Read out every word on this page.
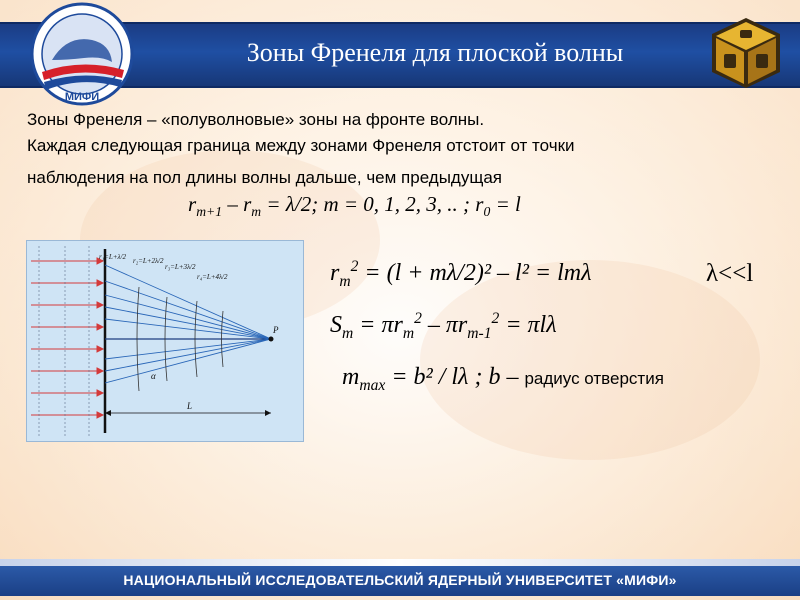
Зоны Френеля для плоской волны
МИФИ
Зоны Френеля – «полуволновые» зоны на фронте волны.
Каждая следующая граница между зонами Френеля отстоит от точки
наблюдения на пол длины волны дальше, чем предыдущая
$r_{m+1} - r_m = \lambda/2$; m = 0, 1, 2, 3, .. ; $r_0 = l$
P
L
α
r₁=L+λ/2 r₂=L+2λ/2
r₃=L+3λ/2
r₄=L+4λ/2	$r_m^2 = (l + m\lambda/2)^2 - l^2 = lm\lambda$	λ<<l
$S_m = \pi r_m^2 - \pi r_{m-1}^2 = \pi l\lambda$
$m_{max} = b^2 / l\lambda$ ; b – радиус отверстия
НАЦИОНАЛЬНЫЙ ИССЛЕДОВАТЕЛЬСКИЙ ЯДЕРНЫЙ УНИВЕРСИТЕТ «МИФИ»
